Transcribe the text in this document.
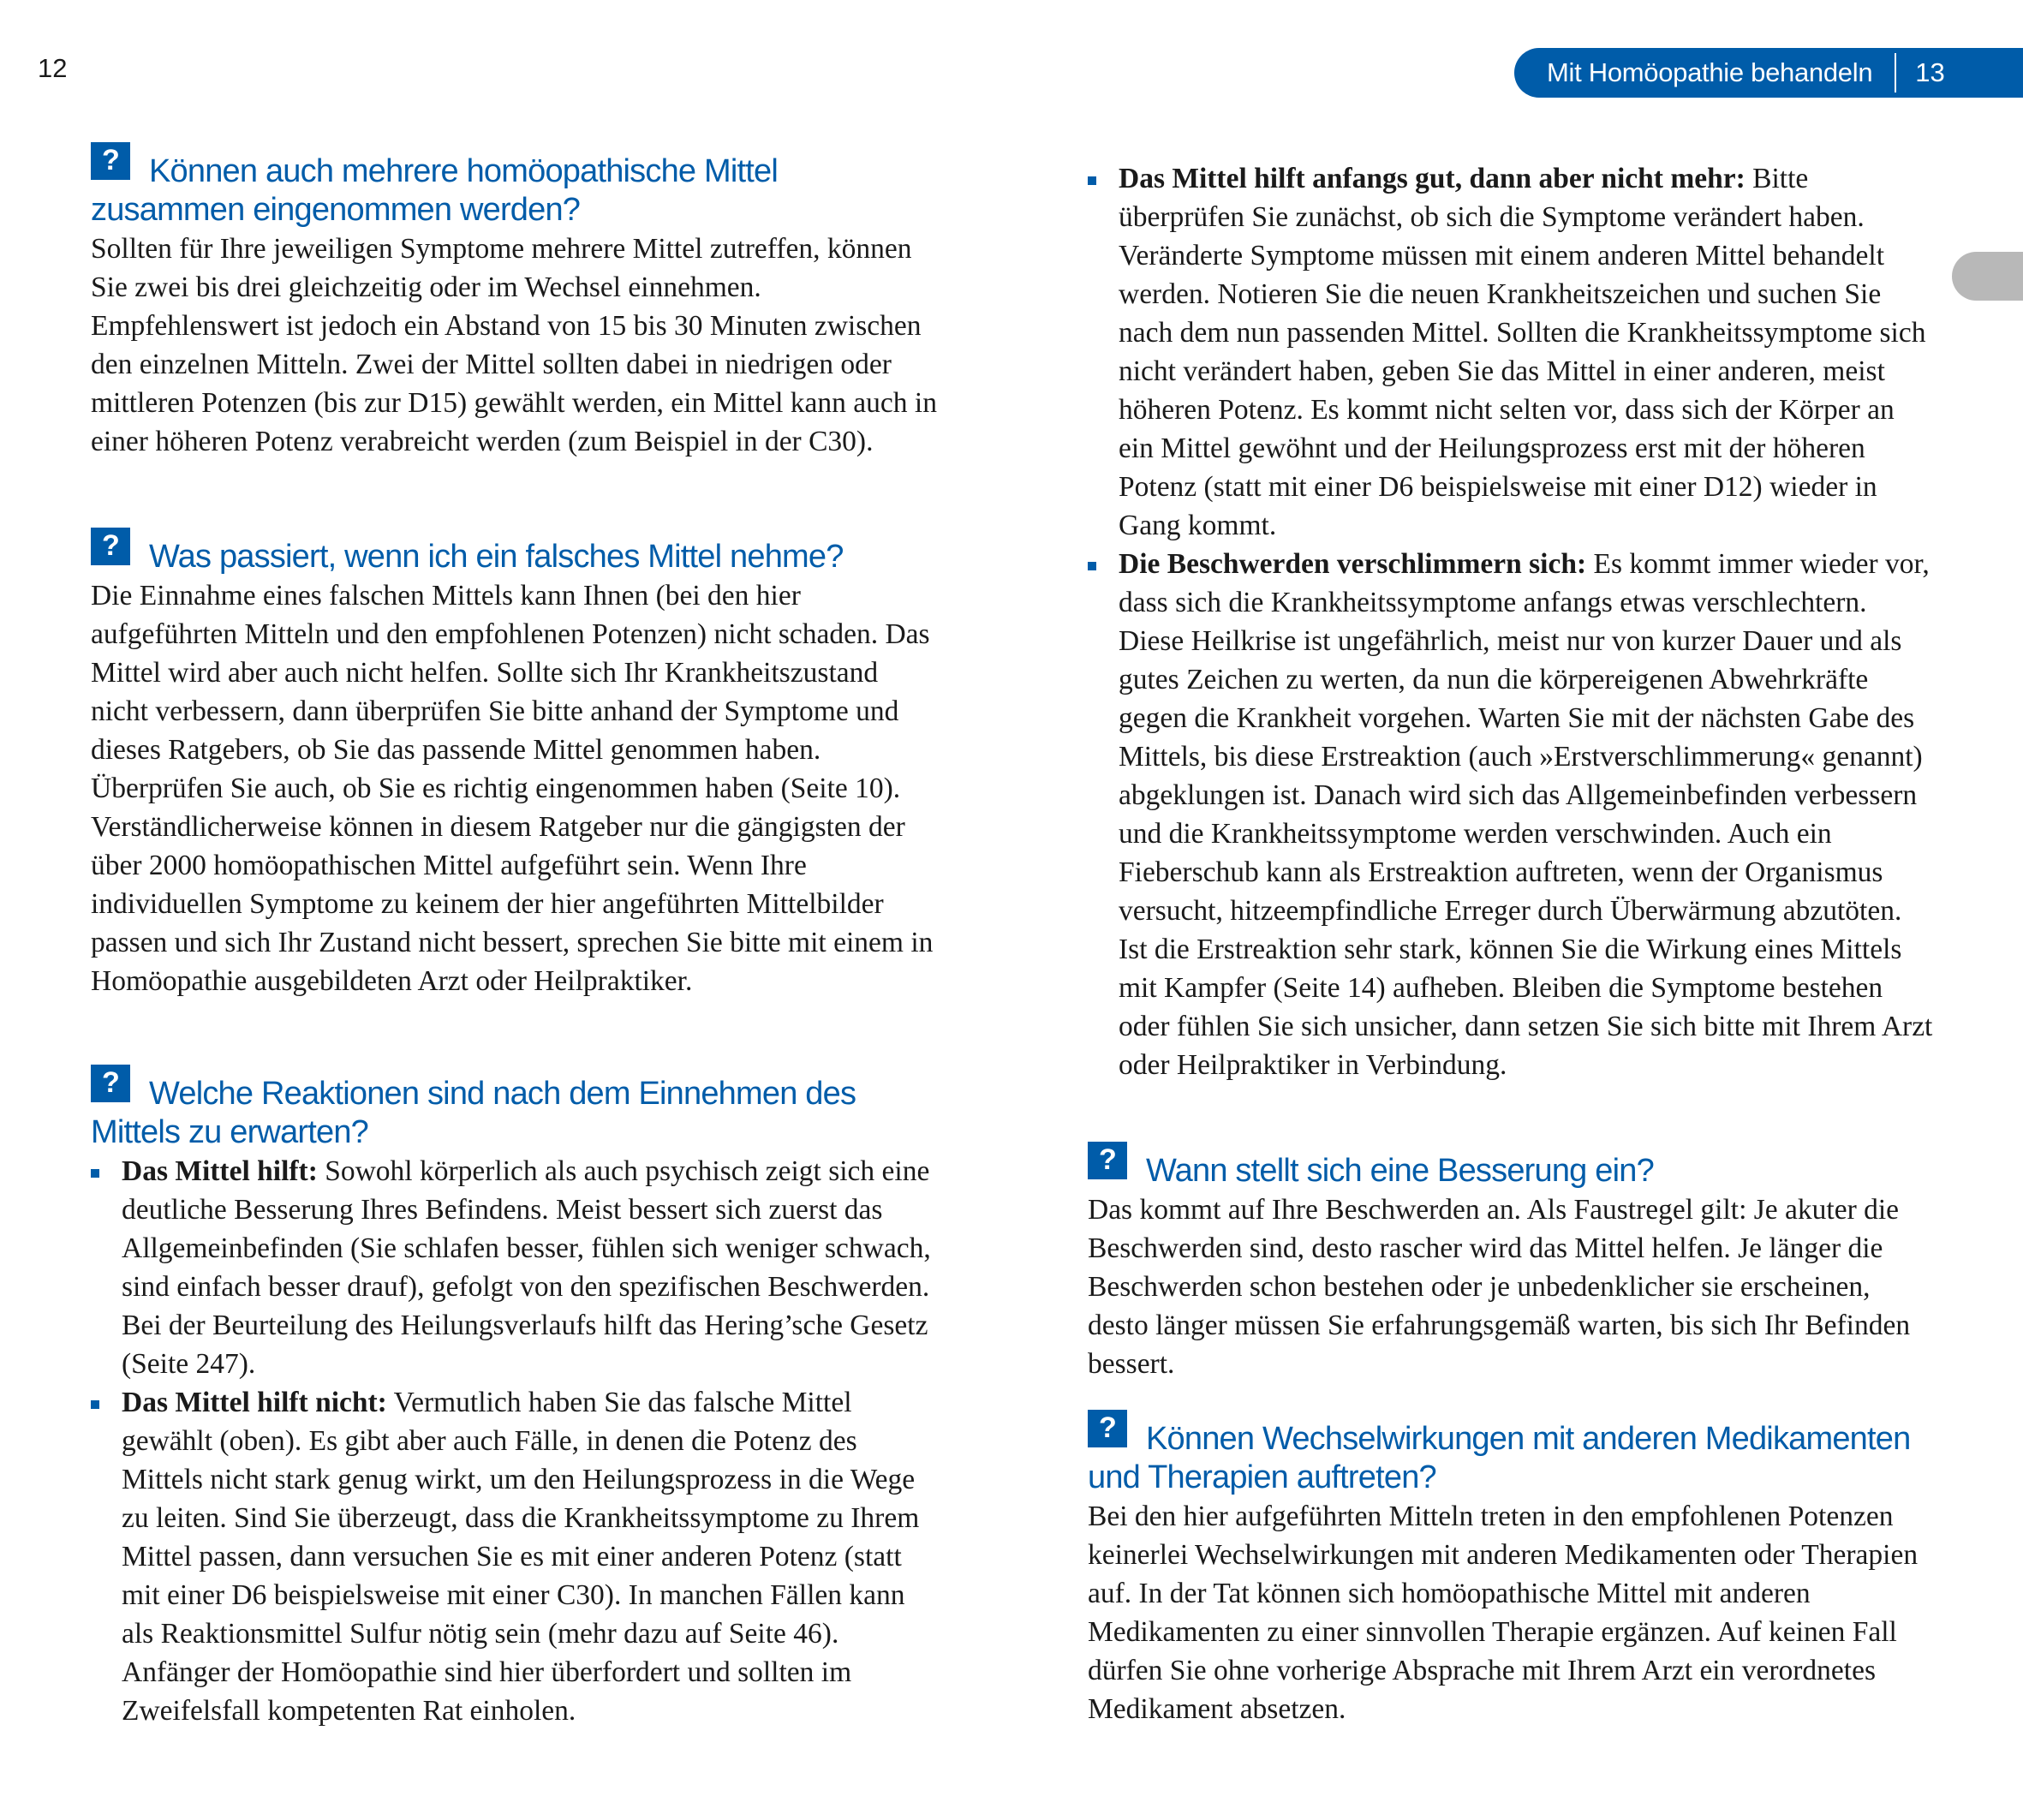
12	Mit Homöopathie behandeln 13
? Können auch mehrere homöopathische Mittel zusammen eingenommen werden?

Sollten für Ihre jeweiligen Symptome mehrere Mittel zutreffen, können Sie zwei bis drei gleichzeitig oder im Wechsel einnehmen. Empfehlenswert ist jedoch ein Abstand von 15 bis 30 Minuten zwischen den einzelnen Mitteln. Zwei der Mittel sollten dabei in niedrigen oder mittleren Potenzen (bis zur D15) gewählt werden, ein Mittel kann auch in einer höheren Potenz verabreicht werden (zum Beispiel in der C30).

? Was passiert, wenn ich ein falsches Mittel nehme?

Die Einnahme eines falschen Mittels kann Ihnen (bei den hier aufgeführten Mitteln und den empfohlenen Potenzen) nicht schaden. Das Mittel wird aber auch nicht helfen. Sollte sich Ihr Krankheitszustand nicht verbessern, dann überprüfen Sie bitte anhand der Symptome und dieses Ratgebers, ob Sie das passende Mittel genommen haben. Überprüfen Sie auch, ob Sie es richtig eingenommen haben (Seite 10). Verständlicherweise können in diesem Ratgeber nur die gängigsten der über 2000 homöopathischen Mittel aufgeführt sein. Wenn Ihre individuellen Symptome zu keinem der hier angeführten Mittelbilder passen und sich Ihr Zustand nicht bessert, sprechen Sie bitte mit einem in Homöopathie ausgebildeten Arzt oder Heilpraktiker.

? Welche Reaktionen sind nach dem Einnehmen des Mittels zu erwarten?
Das Mittel hilft: Sowohl körperlich als auch psychisch zeigt sich eine deutliche Besserung Ihres Befindens. Meist bessert sich zuerst das Allgemeinbefinden (Sie schlafen besser, fühlen sich weniger schwach, sind einfach besser drauf), gefolgt von den spezifischen Beschwerden. Bei der Beurteilung des Heilungsverlaufs hilft das Hering’sche Gesetz (Seite 247).
Das Mittel hilft nicht: Vermutlich haben Sie das falsche Mittel gewählt (oben). Es gibt aber auch Fälle, in denen die Potenz des Mittels nicht stark genug wirkt, um den Heilungsprozess in die Wege zu leiten. Sind Sie überzeugt, dass die Krankheitssymptome zu Ihrem Mittel passen, dann versuchen Sie es mit einer anderen Potenz (statt mit einer D6 beispielsweise mit einer C30). In manchen Fällen kann als Reaktionsmittel Sulfur nötig sein (mehr dazu auf Seite 46). Anfänger der Homöopathie sind hier überfordert und sollten im Zweifelsfall kompetenten Rat einholen.
Das Mittel hilft anfangs gut, dann aber nicht mehr: Bitte überprüfen Sie zunächst, ob sich die Symptome verändert haben. Veränderte Symptome müssen mit einem anderen Mittel behandelt werden. Notieren Sie die neuen Krankheitszeichen und suchen Sie nach dem nun passenden Mittel. Sollten die Krankheitssymptome sich nicht verändert haben, geben Sie das Mittel in einer anderen, meist höheren Potenz. Es kommt nicht selten vor, dass sich der Körper an ein Mittel gewöhnt und der Heilungsprozess erst mit der höheren Potenz (statt mit einer D6 beispielsweise mit einer D12) wieder in Gang kommt.
Die Beschwerden verschlimmern sich: Es kommt immer wieder vor, dass sich die Krankheitssymptome anfangs etwas verschlechtern. Diese Heilkrise ist ungefährlich, meist nur von kurzer Dauer und als gutes Zeichen zu werten, da nun die körpereigenen Abwehrkräfte gegen die Krankheit vorgehen. Warten Sie mit der nächsten Gabe des Mittels, bis diese Erstreaktion (auch »Erstverschlimmerung« genannt) abgeklungen ist. Danach wird sich das Allgemeinbefinden verbessern und die Krankheitssymptome werden verschwinden. Auch ein Fieberschub kann als Erstreaktion auftreten, wenn der Organismus versucht, hitzeempfindliche Erreger durch Überwärmung abzutöten. Ist die Erstreaktion sehr stark, können Sie die Wirkung eines Mittels mit Kampfer (Seite 14) aufheben. Bleiben die Symptome bestehen oder fühlen Sie sich unsicher, dann setzen Sie sich bitte mit Ihrem Arzt oder Heilpraktiker in Verbindung.
? Wann stellt sich eine Besserung ein?

Das kommt auf Ihre Beschwerden an. Als Faustregel gilt: Je akuter die Beschwerden sind, desto rascher wird das Mittel helfen. Je länger die Beschwerden schon bestehen oder je unbedenklicher sie erscheinen, desto länger müssen Sie erfahrungsgemäß warten, bis sich Ihr Befinden bessert.

? Können Wechselwirkungen mit anderen Medikamenten und Therapien auftreten?

Bei den hier aufgeführten Mitteln treten in den empfohlenen Potenzen keinerlei Wechselwirkungen mit anderen Medikamenten oder Therapien auf. In der Tat können sich homöopathische Mittel mit anderen Medikamenten zu einer sinnvollen Therapie ergänzen. Auf keinen Fall dürfen Sie ohne vorherige Absprache mit Ihrem Arzt ein verordnetes Medikament absetzen.
